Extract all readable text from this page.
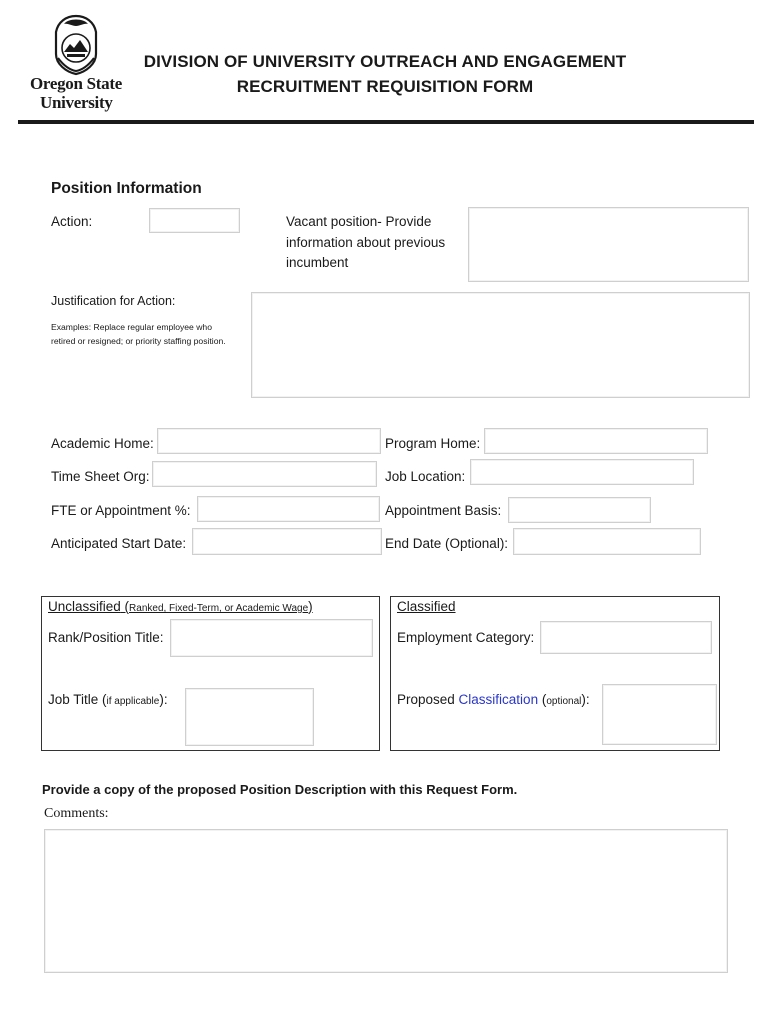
Oregon State
University
DIVISION OF UNIVERSITY OUTREACH AND ENGAGEMENT
RECRUITMENT REQUISITION FORM
Position Information
Action:	Vacant position- Provide information about previous incumbent
Justification for Action:
Examples: Replace regular employee who retired or resigned; or priority staffing position.
Academic Home:	Program Home:
Time Sheet Org:	Job Location:
FTE or Appointment %:	Appointment Basis:
Anticipated Start Date:	End Date (Optional):
Unclassified (Ranked, Fixed-Term, or Academic Wage)
Rank/Position Title:
Job Title (if applicable):
Classified
Employment Category:
Proposed Classification (optional):
Provide a copy of the proposed Position Description with this Request Form.
Comments:
